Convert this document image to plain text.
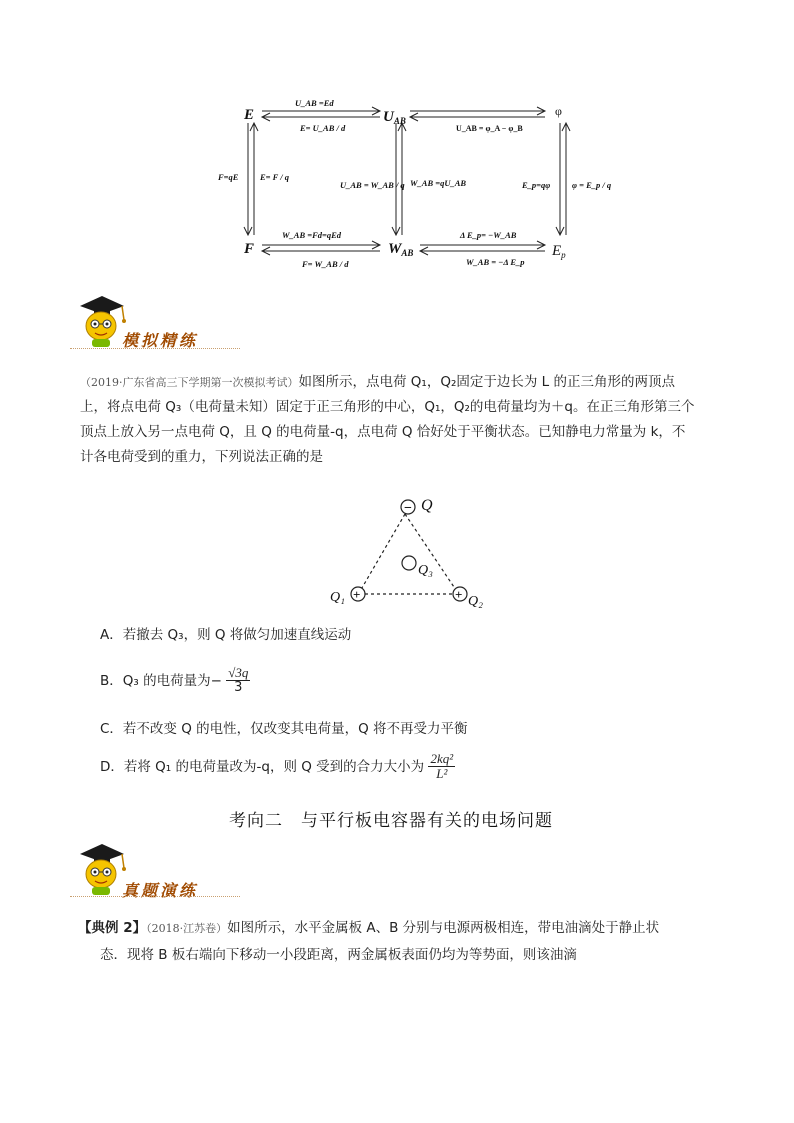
E	$U_{AB}$
φ
F	$W_{AB}$	$E_p$
U_AB =Ed
E= U_AB / d	U_AB = φ_A − φ_B
F=qE	E= F / q
U_AB = W_AB / q W_AB =qU_AB	E_p=qφ	φ = E_p / q
W_AB =Fd=qEd
F= W_AB / d
Δ E_p= −W_AB
W_AB = −Δ E_p
模拟精练
（2019·广东省高三下学期第一次模拟考试）如图所示，点电荷 Q₁，Q₂固定于边长为 L 的正三角形的两顶点
上，将点电荷 Q₃（电荷量未知）固定于正三角形的中心，Q₁，Q₂的电荷量均为＋q。在正三角形第三个
顶点上放入另一点电荷 Q，且 Q 的电荷量-q，点电荷 Q 恰好处于平衡状态。已知静电力常量为 k，不
计各电荷受到的重力，下列说法正确的是
− Q
Q₃
+
Q₁	+ Q₂
A．若撤去 Q₃，则 Q 将做匀加速直线运动
B．Q₃ 的电荷量为− $\frac{√3q}{3}$
C．若不改变 Q 的电性，仅改变其电荷量，Q 将不再受力平衡
D．若将 Q₁ 的电荷量改为-q，则 Q 受到的合力大小为 $\frac{\text{2kq²}}{\text{L²}}$
考向二　与平行板电容器有关的电场问题
真题演练
【典例 2】（2018·江苏卷）如图所示，水平金属板 A、B 分别与电源两极相连，带电油滴处于静止状
态．现将 B 板右端向下移动一小段距离，两金属板表面仍均为等势面，则该油滴
